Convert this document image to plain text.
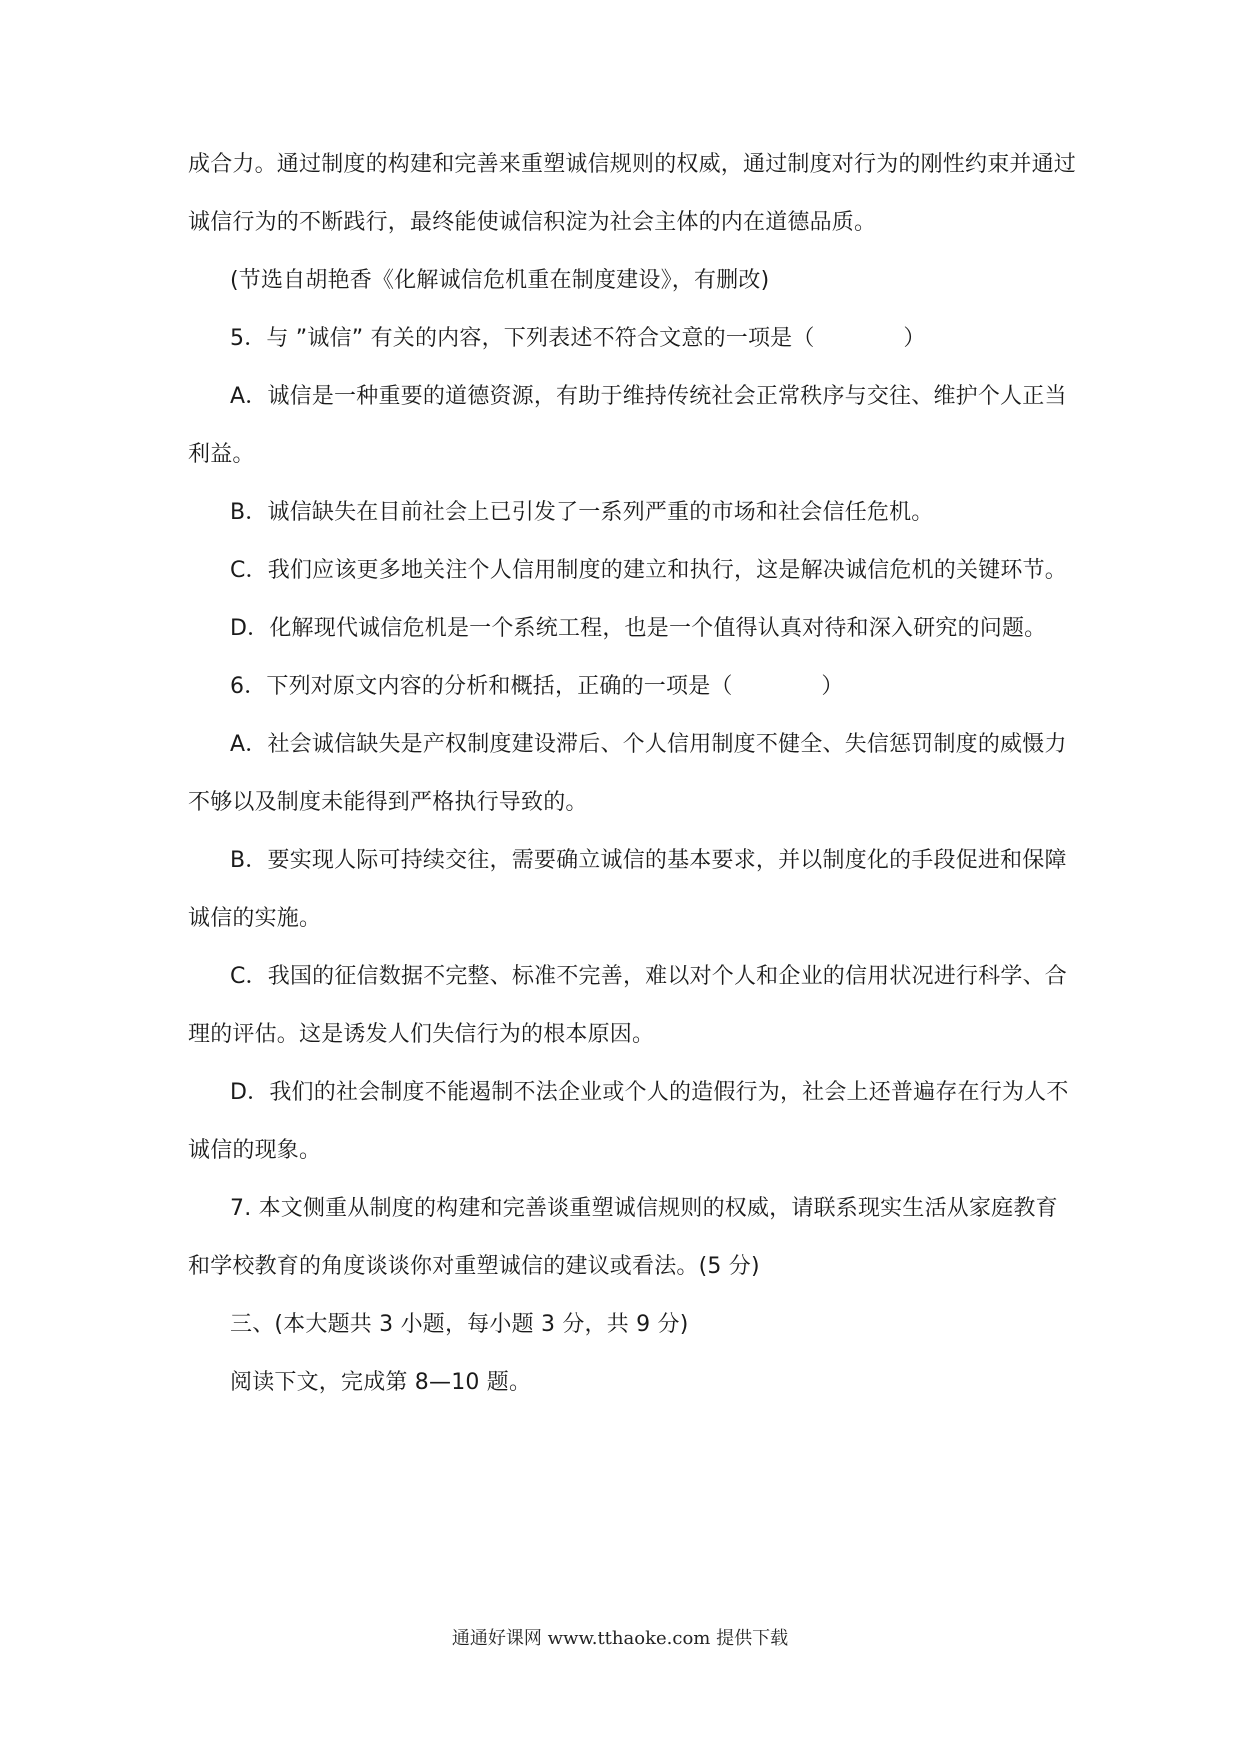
成合力。通过制度的构建和完善来重塑诚信规则的权威，通过制度对行为的刚性约束并通过
诚信行为的不断践行，最终能使诚信积淀为社会主体的内在道德品质。
(节选自胡艳香《化解诚信危机重在制度建设》，有删改)
5．与 ”诚信” 有关的内容，下列表述不符合文意的一项是（　　　　）
A．诚信是一种重要的道德资源，有助于维持传统社会正常秩序与交往、维护个人正当
利益。
B．诚信缺失在目前社会上已引发了一系列严重的市场和社会信任危机。
C．我们应该更多地关注个人信用制度的建立和执行，这是解决诚信危机的关键环节。
D．化解现代诚信危机是一个系统工程，也是一个值得认真对待和深入研究的问题。
6．下列对原文内容的分析和概括，正确的一项是（　　　　）
A．社会诚信缺失是产权制度建设滞后、个人信用制度不健全、失信惩罚制度的威慑力
不够以及制度未能得到严格执行导致的。
B．要实现人际可持续交往，需要确立诚信的基本要求，并以制度化的手段促进和保障
诚信的实施。
C．我国的征信数据不完整、标准不完善，难以对个人和企业的信用状况进行科学、合
理的评估。这是诱发人们失信行为的根本原因。
D．我们的社会制度不能遏制不法企业或个人的造假行为，社会上还普遍存在行为人不
诚信的现象。
7. 本文侧重从制度的构建和完善谈重塑诚信规则的权威，请联系现实生活从家庭教育
和学校教育的角度谈谈你对重塑诚信的建议或看法。(5 分)
三、(本大题共 3 小题，每小题 3 分，共 9 分)
阅读下文，完成第 8—10 题。
通通好课网 www.tthaoke.com 提供下载
